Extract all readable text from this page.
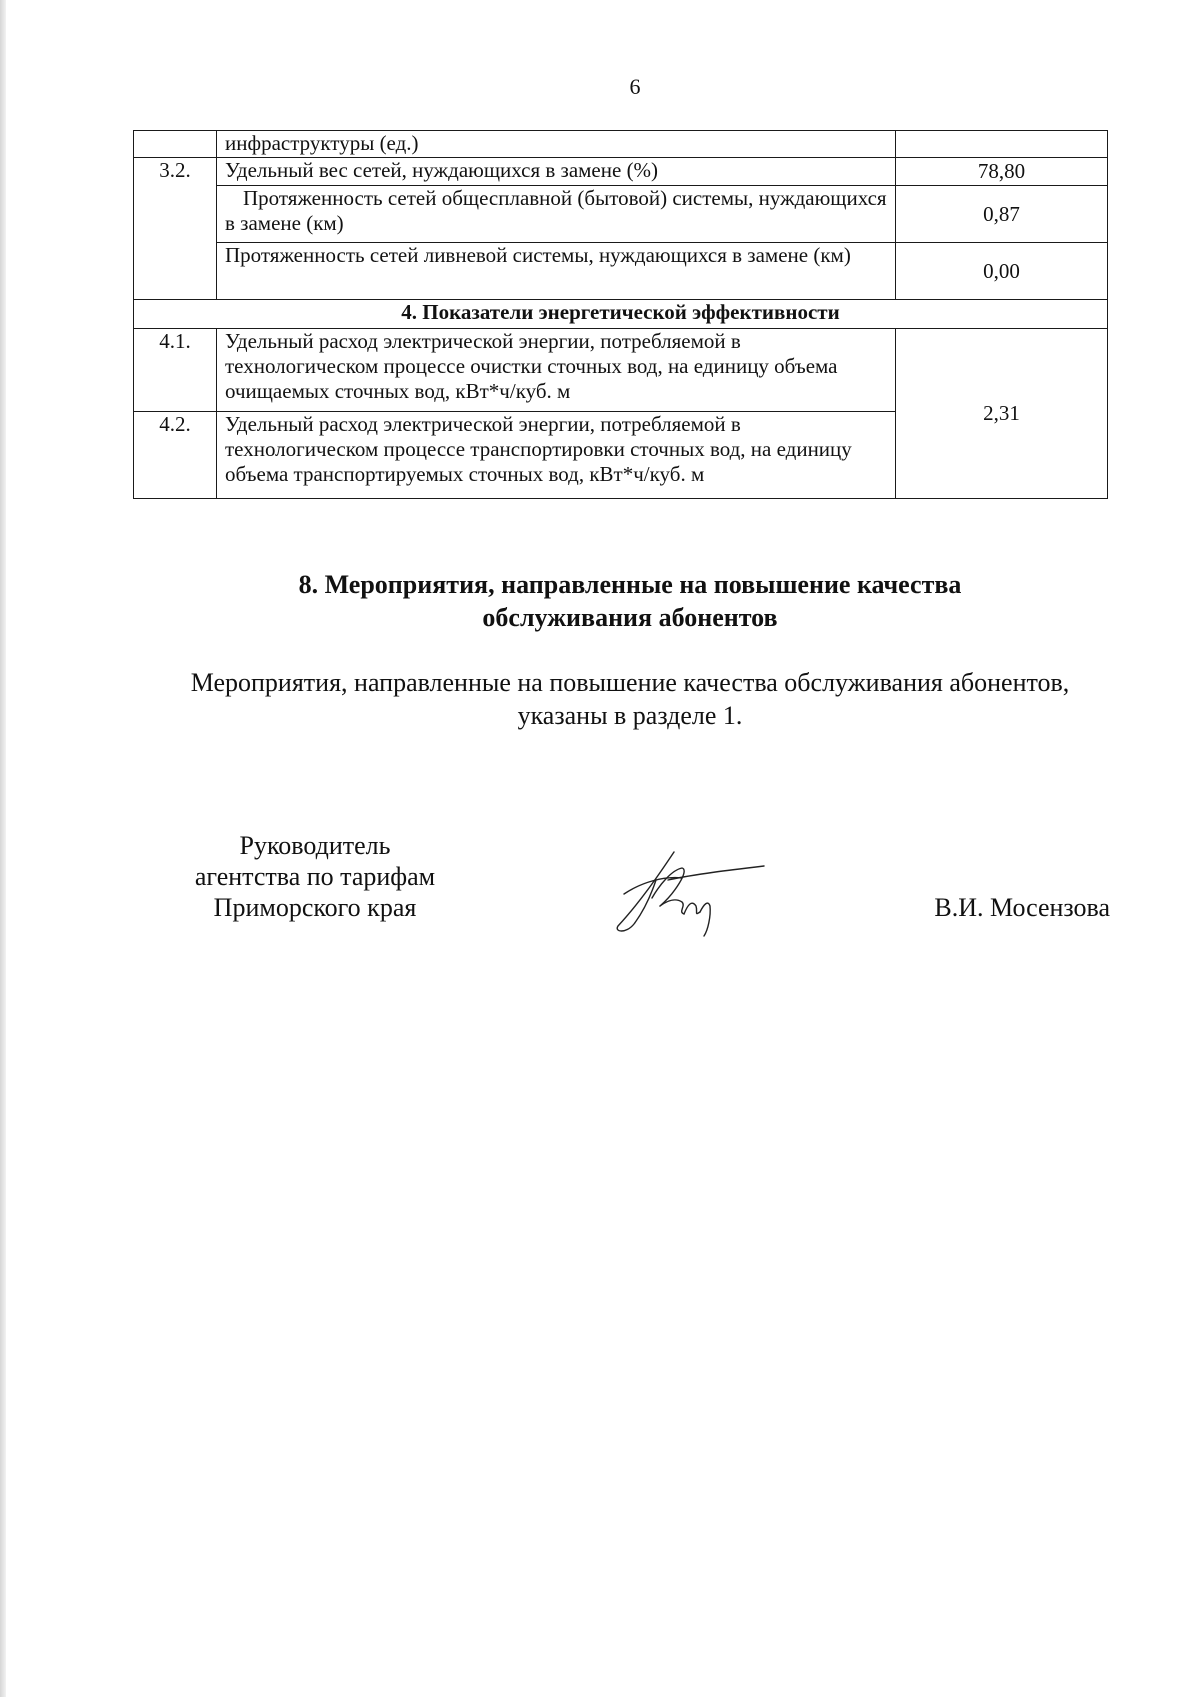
6
	инфраструктуры (ед.)	
3.2.	Удельный вес сетей, нуждающихся в замене (%)	78,80
	Протяженность сетей общесплавной (бытовой) системы, нуждающихся в замене (км)	0,87
	Протяженность сетей ливневой системы, нуждающихся в замене (км)	0,00
4. Показатели энергетической эффективности		
4.1.	Удельный расход электрической энергии, потребляемой в технологическом процессе очистки сточных вод, на единицу объема очищаемых сточных вод, кВт*ч/куб. м	2,31
4.2.	Удельный расход электрической энергии, потребляемой в технологическом процессе транспортировки сточных вод, на единицу объема транспортируемых сточных вод, кВт*ч/куб. м	
8. Мероприятия, направленные на повышение качества
обслуживания абонентов

Мероприятия, направленные на повышение качества обслуживания абонентов,
указаны в разделе 1.

Руководитель
агентства по тарифам
Приморского края	В.И. Мосензова
